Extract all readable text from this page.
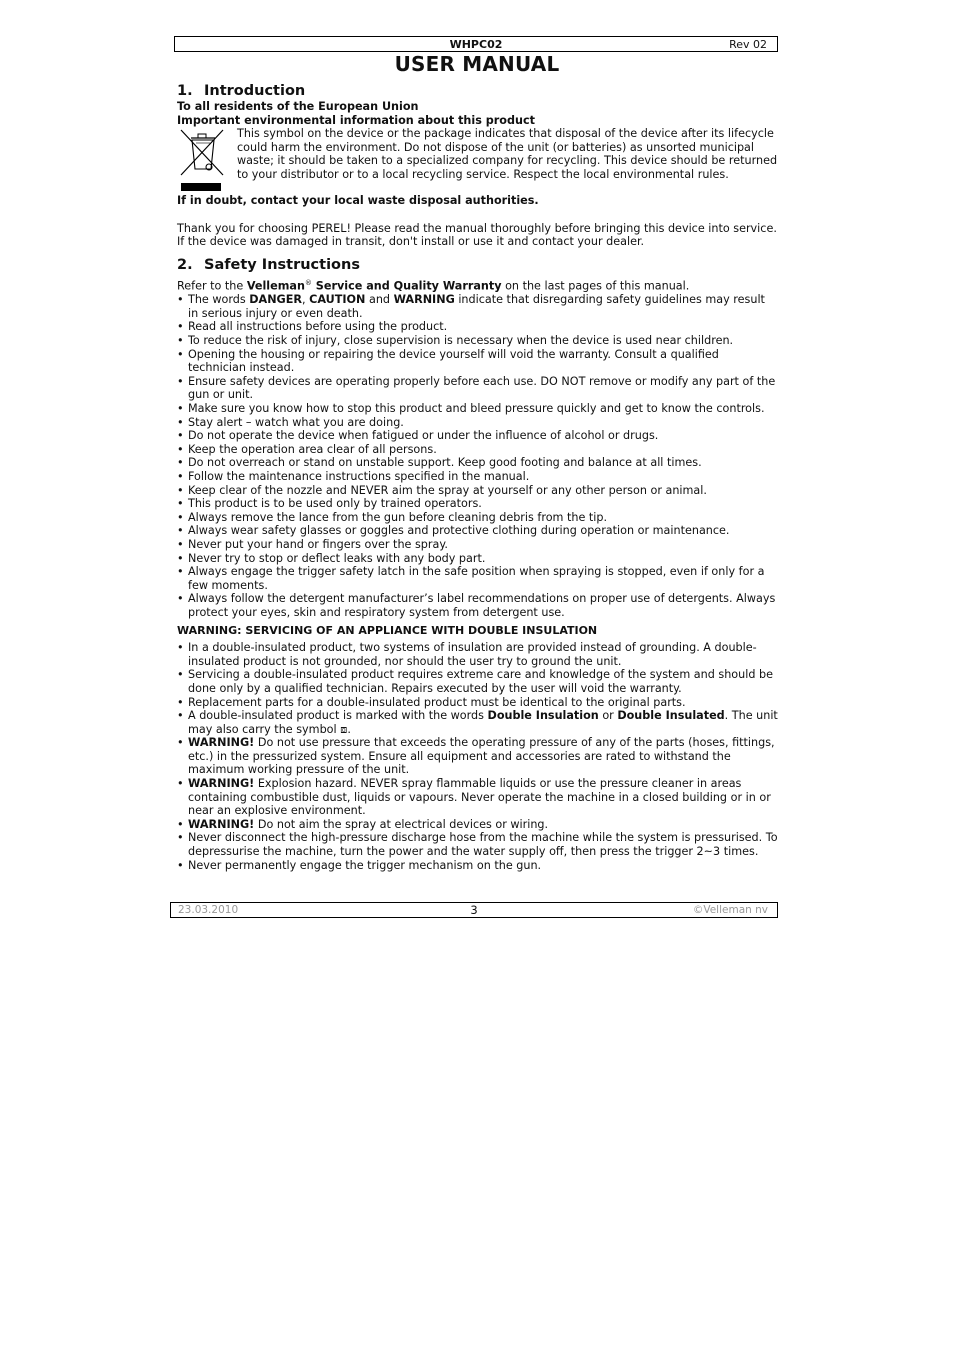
WHPC02	Rev 02
USER MANUAL
1. Introduction

To all residents of the European Union

Important environmental information about this product

.
This symbol on the device or the package indicates that disposal of the device after its lifecycle could harm the environment. Do not dispose of the unit (or batteries) as unsorted municipal waste; it should be taken to a specialized company for recycling. This device should be returned to your distributor or to a local recycling service. Respect the local environmental rules.

If in doubt, contact your local waste disposal authorities.

Thank you for choosing PEREL! Please read the manual thoroughly before bringing this device into service. If the device was damaged in transit, don't install or use it and contact your dealer.

2. Safety Instructions

Refer to the Velleman® Service and Quality Warranty on the last pages of this manual.

• The words DANGER, CAUTION and WARNING indicate that disregarding safety guidelines may result in serious injury or even death.
• Read all instructions before using the product.
• To reduce the risk of injury, close supervision is necessary when the device is used near children.
• Opening the housing or repairing the device yourself will void the warranty. Consult a qualified technician instead.
• Ensure safety devices are operating properly before each use. DO NOT remove or modify any part of the gun or unit.
• Make sure you know how to stop this product and bleed pressure quickly and get to know the controls.
• Stay alert – watch what you are doing.
• Do not operate the device when fatigued or under the influence of alcohol or drugs.
• Keep the operation area clear of all persons.
• Do not overreach or stand on unstable support. Keep good footing and balance at all times.
• Follow the maintenance instructions specified in the manual.
• Keep clear of the nozzle and NEVER aim the spray at yourself or any other person or animal.
• This product is to be used only by trained operators.
• Always remove the lance from the gun before cleaning debris from the tip.
• Always wear safety glasses or goggles and protective clothing during operation or maintenance.
• Never put your hand or fingers over the spray.
• Never try to stop or deflect leaks with any body part.
• Always engage the trigger safety latch in the safe position when spraying is stopped, even if only for a few moments.
• Always follow the detergent manufacturer’s label recommendations on proper use of detergents. Always protect your eyes, skin and respiratory system from detergent use.

WARNING: SERVICING OF AN APPLIANCE WITH DOUBLE INSULATION

• In a double-insulated product, two systems of insulation are provided instead of grounding. A double-insulated product is not grounded, nor should the user try to ground the unit.
• Servicing a double-insulated product requires extreme care and knowledge of the system and should be done only by a qualified technician. Repairs executed by the user will void the warranty.
• Replacement parts for a double-insulated product must be identical to the original parts.
• A double-insulated product is marked with the words Double Insulation or Double Insulated. The unit may also carry the symbol ⧈.
• WARNING! Do not use pressure that exceeds the operating pressure of any of the parts (hoses, fittings, etc.) in the pressurized system. Ensure all equipment and accessories are rated to withstand the maximum working pressure of the unit.
• WARNING! Explosion hazard. NEVER spray flammable liquids or use the pressure cleaner in areas containing combustible dust, liquids or vapours. Never operate the machine in a closed building or in or near an explosive environment.
• WARNING! Do not aim the spray at electrical devices or wiring.
• Never disconnect the high-pressure discharge hose from the machine while the system is pressurised. To depressurise the machine, turn the power and the water supply off, then press the trigger 2~3 times.
• Never permanently engage the trigger mechanism on the gun.
23.03.2010	3	©Velleman nv
